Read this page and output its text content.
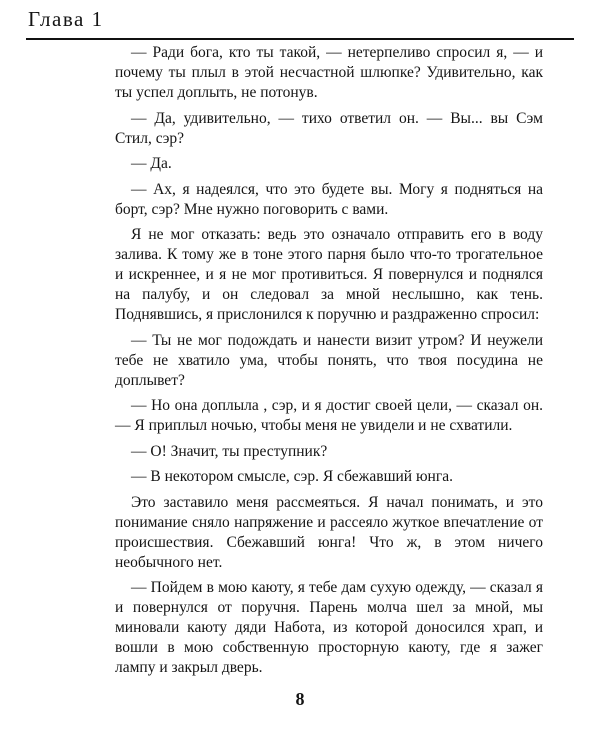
Глава 1

— Ради бога, кто ты такой, — нетерпеливо спросил я, — и почему ты плыл в этой несчастной шлюпке? Удивительно, как ты успел доплыть, не потонув.

— Да, удивительно, — тихо ответил он. — Вы... вы Сэм Стил, сэр?

— Да.

— Ах, я надеялся, что это будете вы. Могу я подняться на борт, сэр? Мне нужно поговорить с вами.

Я не мог отказать: ведь это означало отправить его в воду залива. К тому же в тоне этого парня было что-то трогательное и искреннее, и я не мог противиться. Я повернулся и поднялся на палубу, и он следовал за мной неслышно, как тень. Поднявшись, я прислонился к поручню и раздраженно спросил:

— Ты не мог подождать и нанести визит утром? И неужели тебе не хватило ума, чтобы понять, что твоя посудина не доплывет?

— Но она доплыла , сэр, и я достиг своей цели, — сказал он. — Я приплыл ночью, чтобы меня не увидели и не схватили.

— О! Значит, ты преступник?

— В некотором смысле, сэр. Я сбежавший юнга.

Это заставило меня рассмеяться. Я начал понимать, и это понимание сняло напряжение и рассеяло жуткое впечатление от происшествия. Сбежавший юнга! Что ж, в этом ничего необычного нет.

— Пойдем в мою каюту, я тебе дам сухую одежду, — сказал я и повернулся от поручня. Парень молча шел за мной, мы миновали каюту дяди Набота, из которой доносился храп, и вошли в мою собственную просторную каюту, где я зажег лампу и закрыл дверь.

8
